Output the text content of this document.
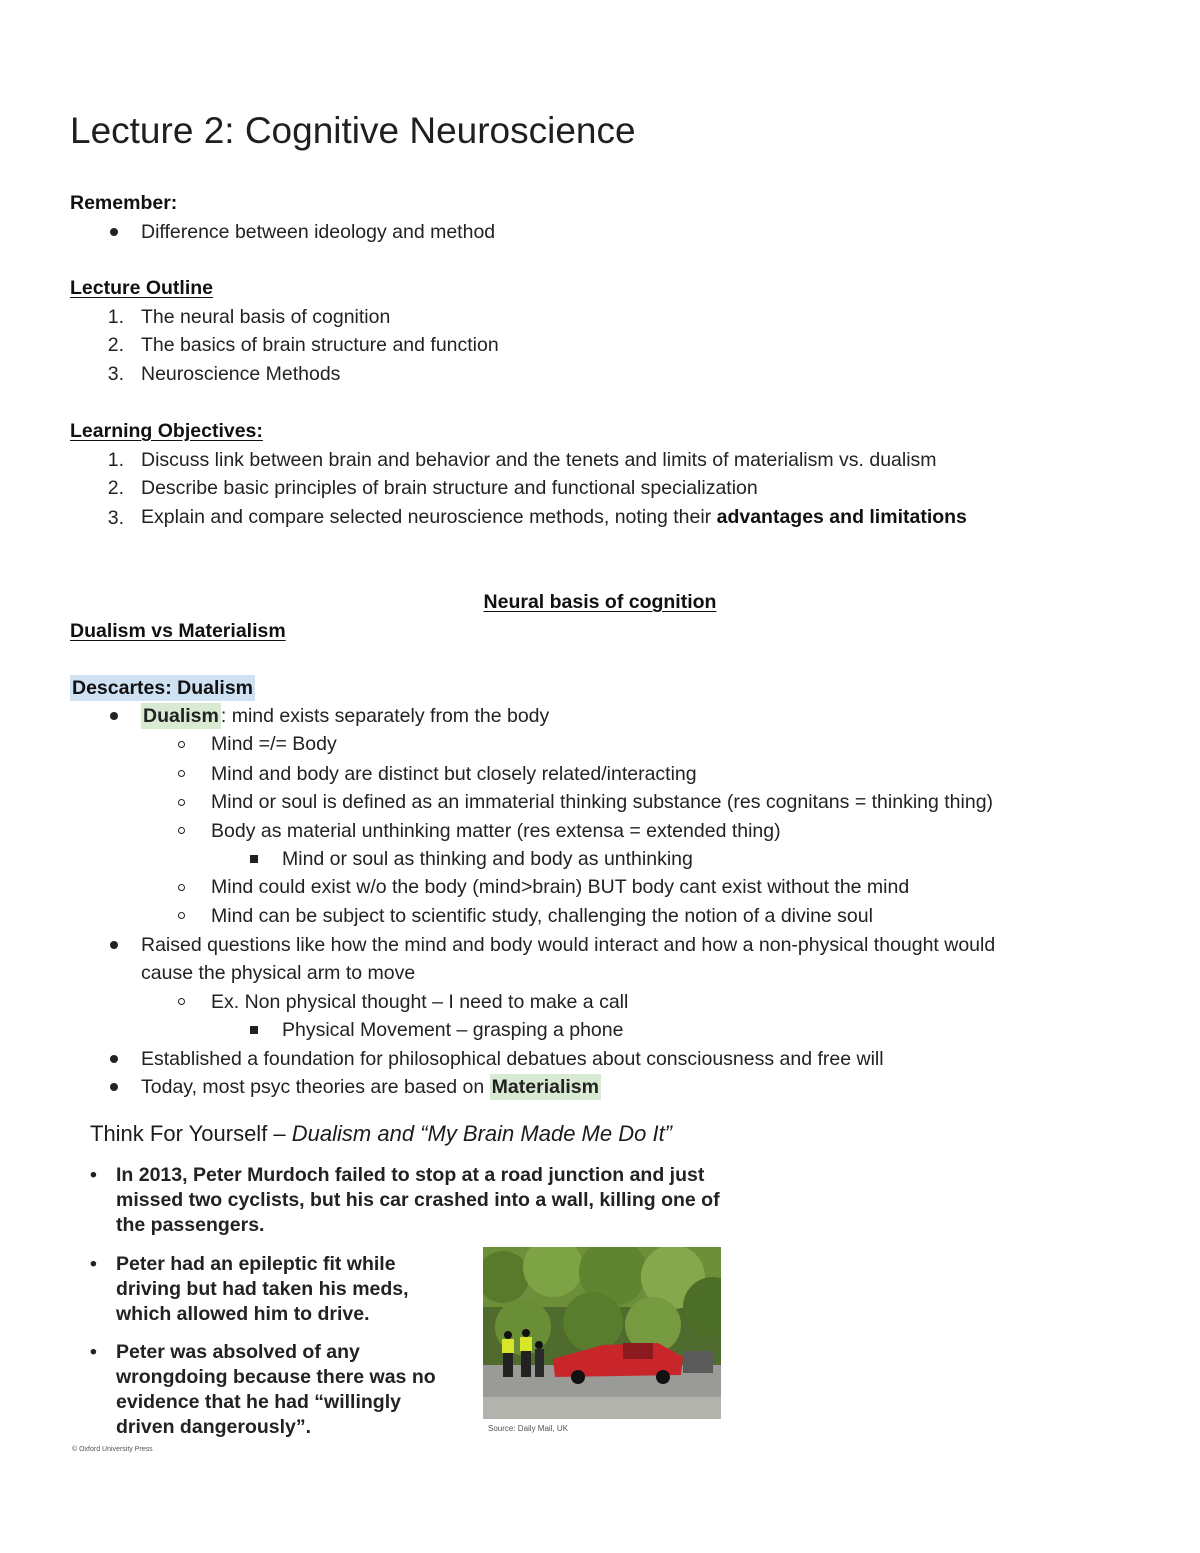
Lecture 2: Cognitive Neuroscience
Remember:
Difference between ideology and method
Lecture Outline
1. The neural basis of cognition
2. The basics of brain structure and function
3. Neuroscience Methods
Learning Objectives:
1. Discuss link between brain and behavior and the tenets and limits of materialism vs. dualism
2. Describe basic principles of brain structure and functional specialization
3. Explain and compare selected neuroscience methods, noting their advantages and limitations
Neural basis of cognition
Dualism vs Materialism
Descartes: Dualism
Dualism : mind exists separately from the body
Mind =/= Body
Mind and body are distinct but closely related/interacting
Mind or soul is defined as an immaterial thinking substance (res cognitans = thinking thing)
Body as material unthinking matter (res extensa = extended thing)
Mind or soul as thinking and body as unthinking
Mind could exist w/o the body (mind>brain) BUT body cant exist without the mind
Mind can be subject to scientific study, challenging the notion of a divine soul
Raised questions like how the mind and body would interact and how a non-physical thought would
cause the physical arm to move
Ex. Non physical thought – I need to make a call
Physical Movement – grasping a phone
Established a foundation for philosophical debatues about consciousness and free will
Today, most psyc theories are based on Materialism
Think For Yourself – Dualism and “My Brain Made Me Do It”
• In 2013, Peter Murdoch failed to stop at a road junction and just
missed two cyclists, but his car crashed into a wall, killing one of
the passengers.
• Peter had an epileptic fit while
driving but had taken his meds,
which allowed him to drive.
• Peter was absolved of any
wrongdoing because there was no
evidence that he had “willingly
driven dangerously”.	Source: Daily Mail, UK
© Oxford University Press
